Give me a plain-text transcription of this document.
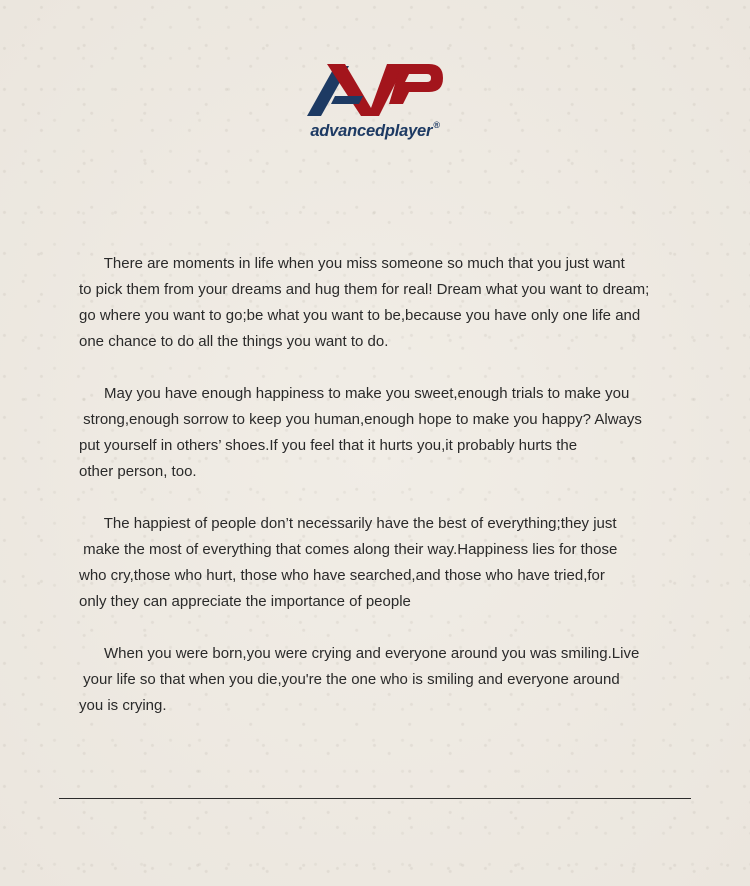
advancedplayer®
There are moments in life when you miss someone so much that you just want
to pick them from your dreams and hug them for real! Dream what you want to dream;
go where you want to go;be what you want to be,because you have only one life and
one chance to do all the things you want to do.
May you have enough happiness to make you sweet,enough trials to make you
strong,enough sorrow to keep you human,enough hope to make you happy? Always
put yourself in others’ shoes.If you feel that it hurts you,it probably hurts the
other person, too.
The happiest of people don’t necessarily have the best of everything;they just
make the most of everything that comes along their way.Happiness lies for those
who cry,those who hurt, those who have searched,and those who have tried,for
only they can appreciate the importance of people
When you were born,you were crying and everyone around you was smiling.Live
your life so that when you die,you're the one who is smiling and everyone around
you is crying.
